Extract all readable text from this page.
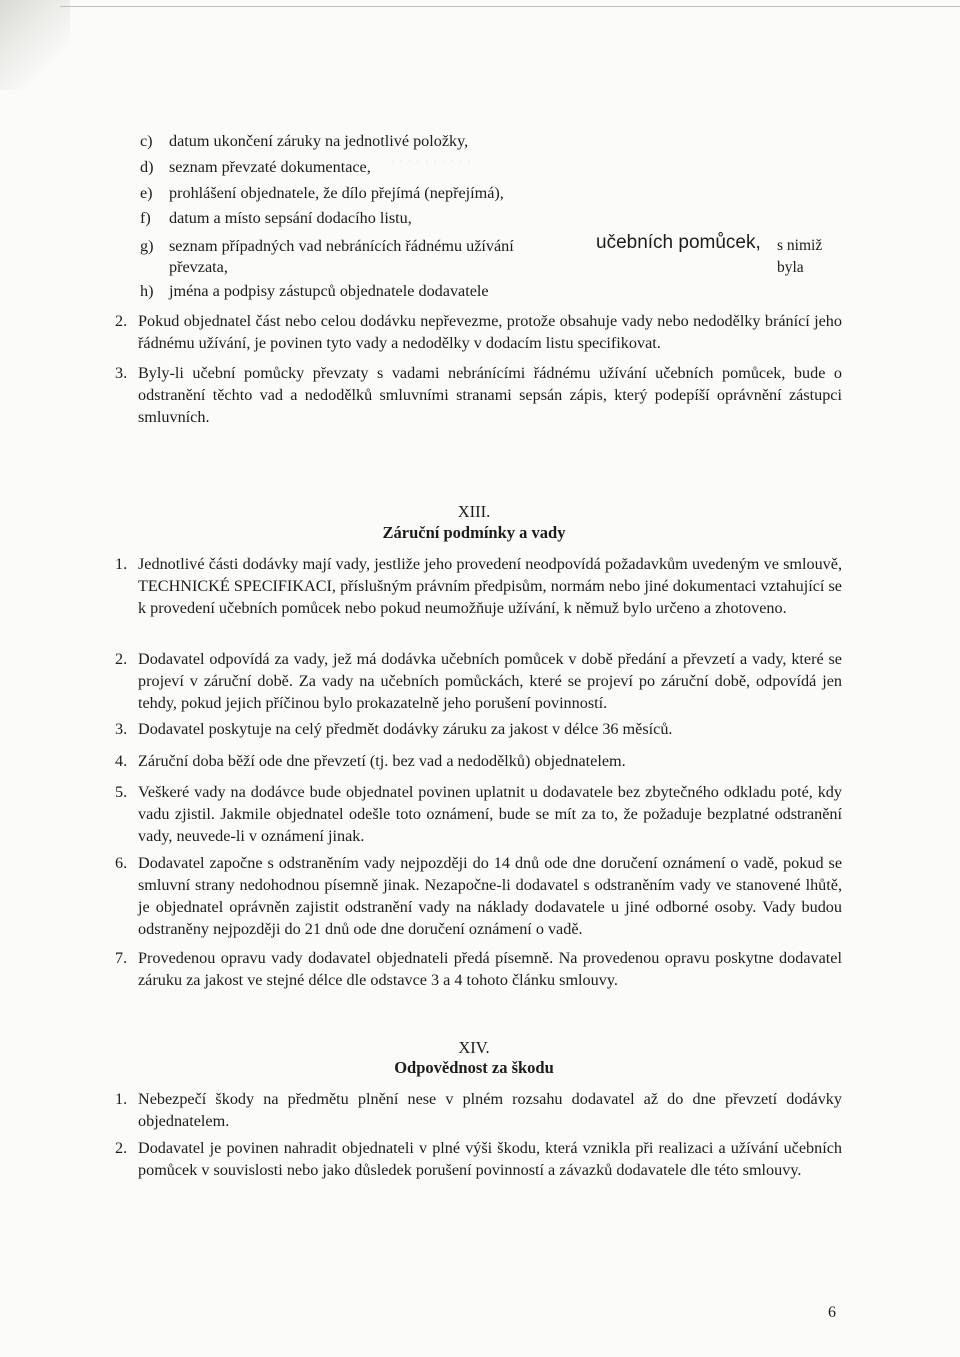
· · · · · · · · · ·
c) datum ukončení záruky na jednotlivé položky,
d) seznam převzaté dokumentace,
e) prohlášení objednatele, že dílo přejímá (nepřejímá),
f) datum a místo sepsání dodacího listu,
g) seznam případných vad nebránících řádnému užívání	učebních pomůcek, s nimiž byla
převzata,
h) jména a podpisy zástupců objednatele dodavatele
2. Pokud objednatel část nebo celou dodávku nepřevezme, protože obsahuje vady nebo nedodělky bránící jeho řádnému užívání, je povinen tyto vady a nedodělky v dodacím listu specifikovat.
3. Byly-li učební pomůcky převzaty s vadami nebránícími řádnému užívání učebních pomůcek, bude o odstranění těchto vad a nedodělků smluvními stranami sepsán zápis, který podepíší oprávnění zástupci smluvních.
XIII.
Záruční podmínky a vady
1. Jednotlivé části dodávky mají vady, jestliže jeho provedení neodpovídá požadavkům uvedeným ve smlouvě, TECHNICKÉ SPECIFIKACI, příslušným právním předpisům, normám nebo jiné dokumentaci vztahující se k provedení učebních pomůcek nebo pokud neumožňuje užívání, k němuž bylo určeno a zhotoveno.
2. Dodavatel odpovídá za vady, jež má dodávka učebních pomůcek v době předání a převzetí a vady, které se projeví v záruční době. Za vady na učebních pomůckách, které se projeví po záruční době, odpovídá jen tehdy, pokud jejich příčinou bylo prokazatelně jeho porušení povinností.
3. Dodavatel poskytuje na celý předmět dodávky záruku za jakost v délce 36 měsíců.
4. Záruční doba běží ode dne převzetí (tj. bez vad a nedodělků) objednatelem.
5. Veškeré vady na dodávce bude objednatel povinen uplatnit u dodavatele bez zbytečného odkladu poté, kdy vadu zjistil. Jakmile objednatel odešle toto oznámení, bude se mít za to, že požaduje bezplatné odstranění vady, neuvede-li v oznámení jinak.
6. Dodavatel započne s odstraněním vady nejpozději do 14 dnů ode dne doručení oznámení o vadě, pokud se smluvní strany nedohodnou písemně jinak. Nezapočne-li dodavatel s odstraněním vady ve stanovené lhůtě, je objednatel oprávněn zajistit odstranění vady na náklady dodavatele u jiné odborné osoby. Vady budou odstraněny nejpozději do 21 dnů ode dne doručení oznámení o vadě.
7. Provedenou opravu vady dodavatel objednateli předá písemně. Na provedenou opravu poskytne dodavatel záruku za jakost ve stejné délce dle odstavce 3 a 4 tohoto článku smlouvy.
XIV.
Odpovědnost za škodu
1. Nebezpečí škody na předmětu plnění nese v plném rozsahu dodavatel až do dne převzetí dodávky objednatelem.
2. Dodavatel je povinen nahradit objednateli v plné výši škodu, která vznikla při realizaci a užívání učebních pomůcek v souvislosti nebo jako důsledek porušení povinností a závazků dodavatele dle této smlouvy.
6
